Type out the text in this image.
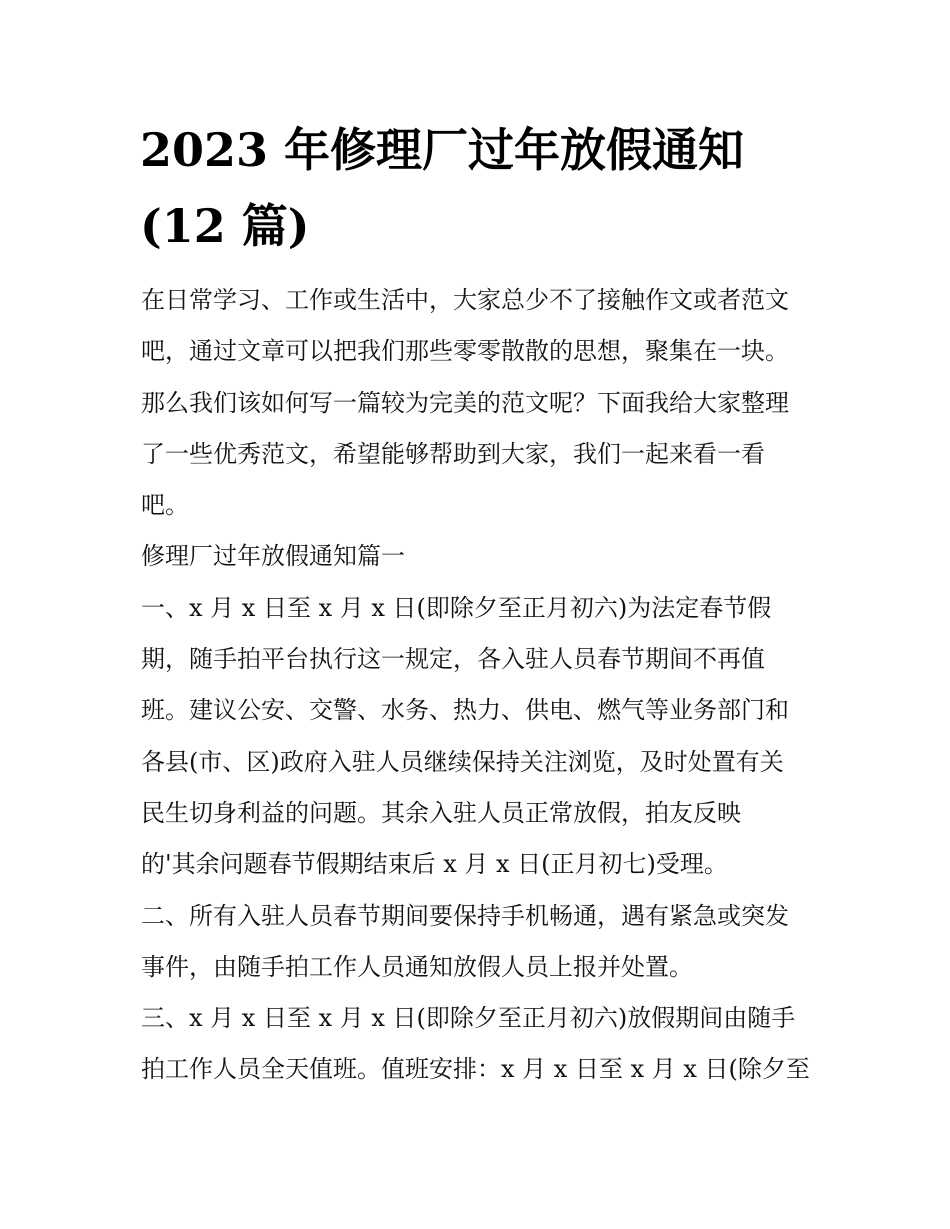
2023 年修理厂过年放假通知
(12 篇)
在日常学习、工作或生活中，大家总少不了接触作文或者范文
吧，通过文章可以把我们那些零零散散的思想，聚集在一块。
那么我们该如何写一篇较为完美的范文呢？下面我给大家整理
了一些优秀范文，希望能够帮助到大家，我们一起来看一看
吧。
修理厂过年放假通知篇一
一、x 月 x 日至 x 月 x 日(即除夕至正月初六)为法定春节假
期，随手拍平台执行这一规定，各入驻人员春节期间不再值
班。建议公安、交警、水务、热力、供电、燃气等业务部门和
各县(市、区)政府入驻人员继续保持关注浏览，及时处置有关
民生切身利益的问题。其余入驻人员正常放假，拍友反映
的'其余问题春节假期结束后 x 月 x 日(正月初七)受理。
二、所有入驻人员春节期间要保持手机畅通，遇有紧急或突发
事件，由随手拍工作人员通知放假人员上报并处置。
三、x 月 x 日至 x 月 x 日(即除夕至正月初六)放假期间由随手
拍工作人员全天值班。值班安排：x 月 x 日至 x 月 x 日(除夕至
